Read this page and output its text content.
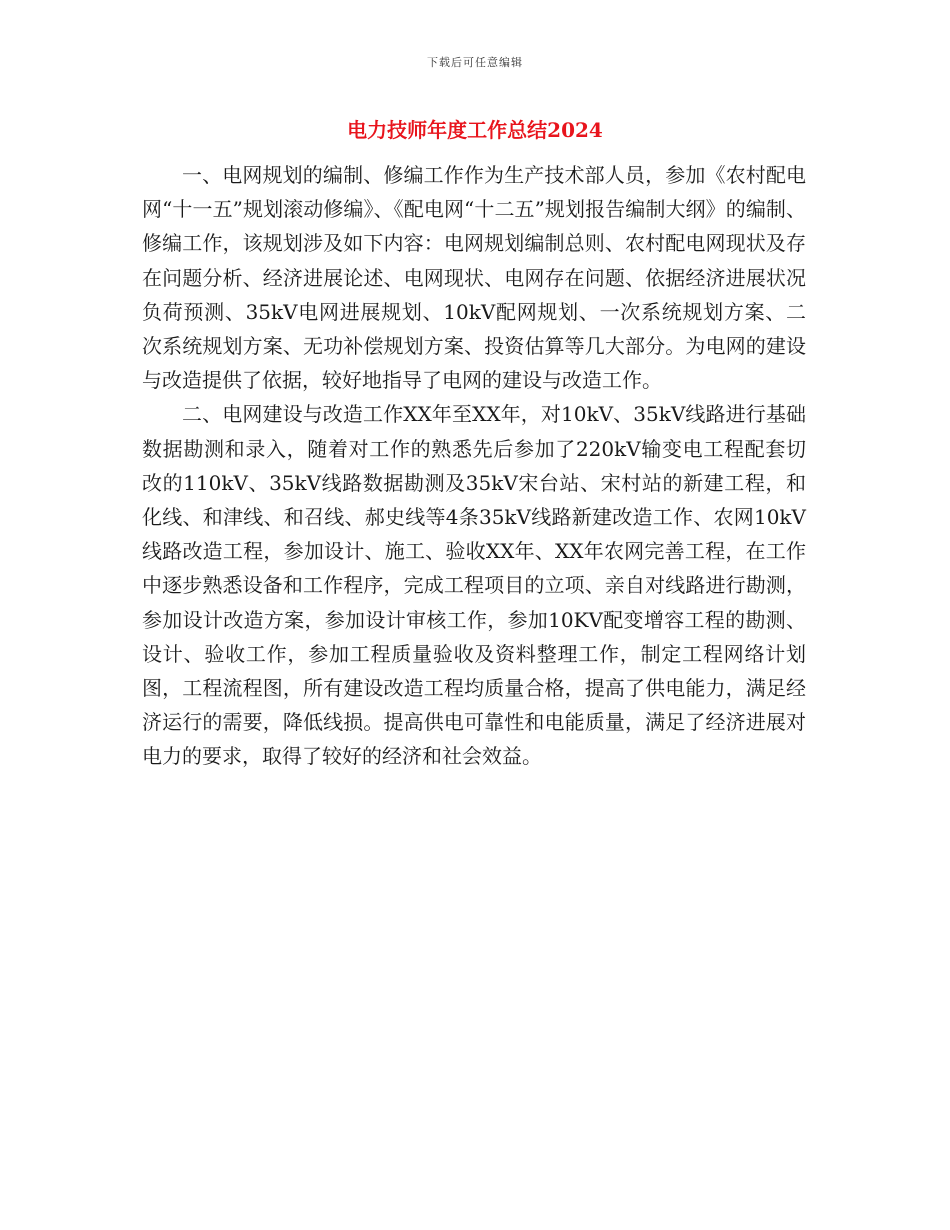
下载后可任意编辑
电力技师年度工作总结2024

一、电网规划的编制、修编工作作为生产技术部人员，参加《农村配电网“十一五”规划滚动修编》、《配电网“十二五”规划报告编制大纲》的编制、修编工作，该规划涉及如下内容：电网规划编制总则、农村配电网现状及存在问题分析、经济进展论述、电网现状、电网存在问题、依据经济进展状况负荷预测、35kV电网进展规划、10kV配网规划、一次系统规划方案、二次系统规划方案、无功补偿规划方案、投资估算等几大部分。为电网的建设与改造提供了依据，较好地指导了电网的建设与改造工作。

二、电网建设与改造工作XX年至XX年，对10kV、35kV线路进行基础数据勘测和录入，随着对工作的熟悉先后参加了220kV输变电工程配套切改的110kV、35kV线路数据勘测及35kV宋台站、宋村站的新建工程，和化线、和津线、和召线、郝史线等4条35kV线路新建改造工作、农网10kV线路改造工程，参加设计、施工、验收XX年、XX年农网完善工程，在工作中逐步熟悉设备和工作程序，完成工程项目的立项、亲自对线路进行勘测，参加设计改造方案，参加设计审核工作，参加10KV配变增容工程的勘测、设计、验收工作，参加工程质量验收及资料整理工作，制定工程网络计划图，工程流程图，所有建设改造工程均质量合格，提高了供电能力，满足经济运行的需要，降低线损。提高供电可靠性和电能质量，满足了经济进展对电力的要求，取得了较好的经济和社会效益。
